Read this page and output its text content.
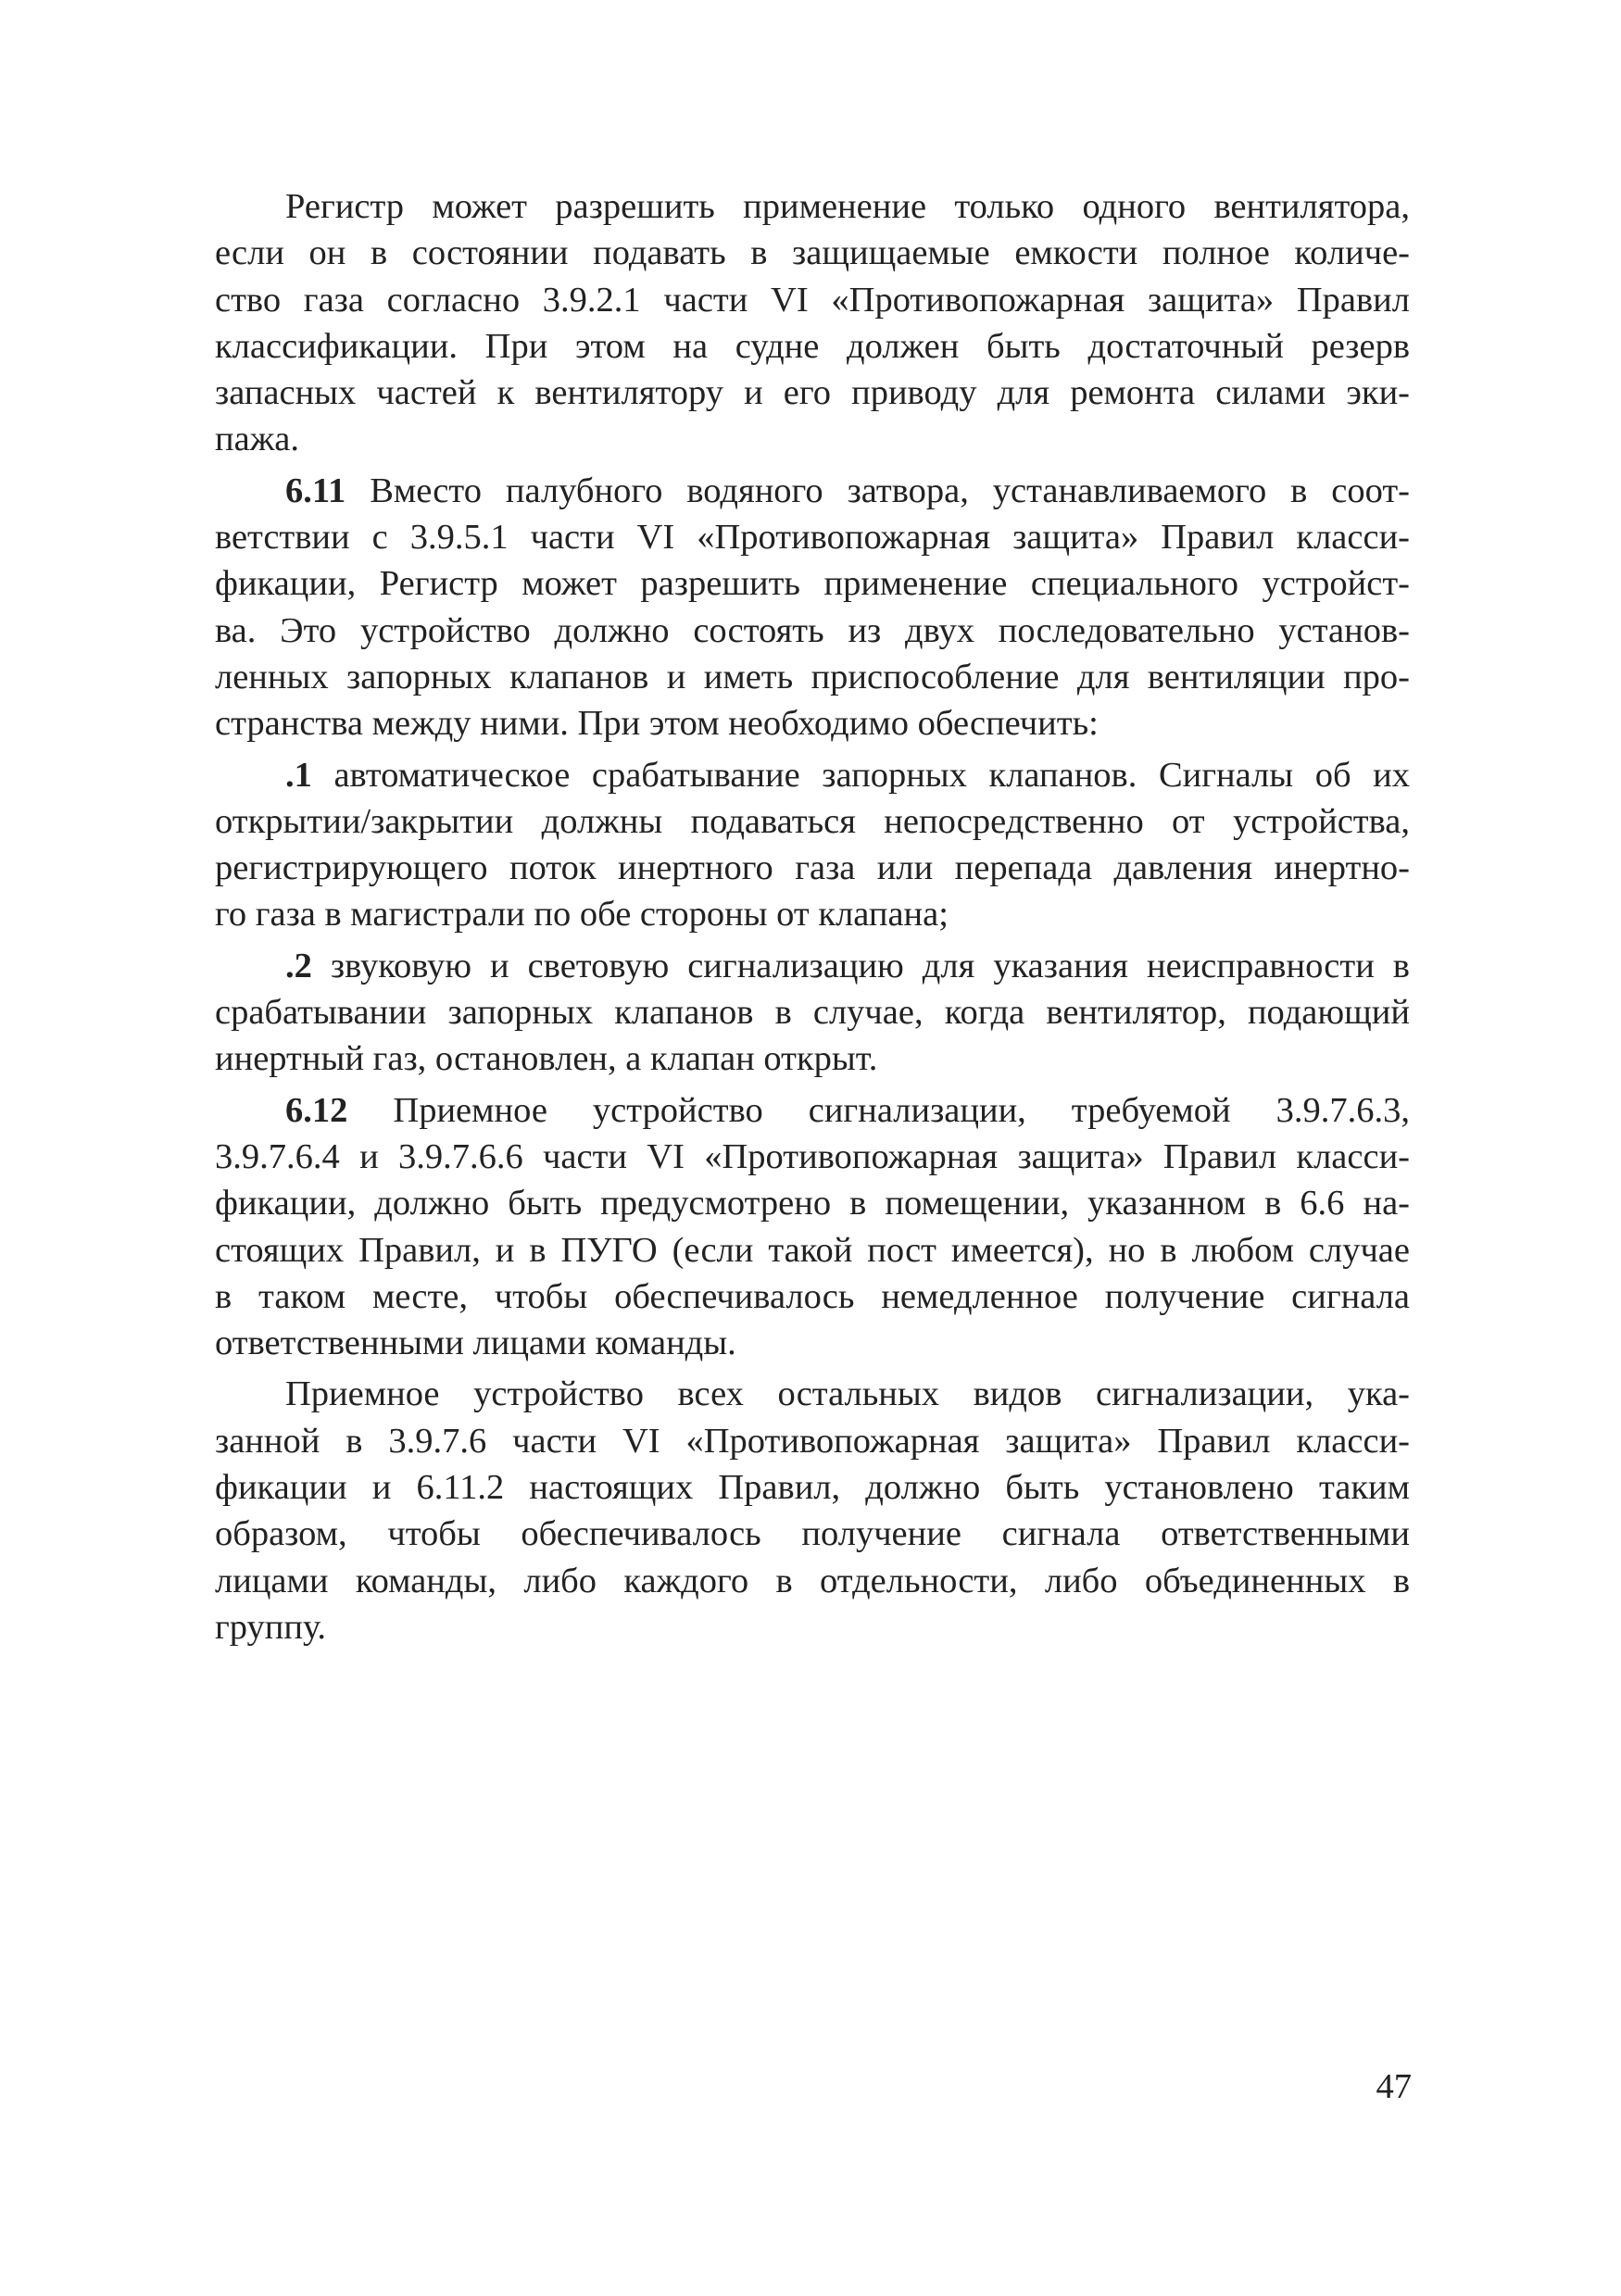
Регистр может разрешить применение только одного вентилятора,
если он в состоянии подавать в защищаемые емкости полное количе-
ство газа согласно 3.9.2.1 части VI «Противопожарная защита» Правил
классификации. При этом на судне должен быть достаточный резерв
запасных частей к вентилятору и его приводу для ремонта силами эки-
пажа.
6.11 Вместо палубного водяного затвора, устанавливаемого в соот-
ветствии с 3.9.5.1 части VI «Противопожарная защита» Правил класси-
фикации, Регистр может разрешить применение специального устройст-
ва. Это устройство должно состоять из двух последовательно установ-
ленных запорных клапанов и иметь приспособление для вентиляции про-
странства между ними. При этом необходимо обеспечить:
.1 автоматическое срабатывание запорных клапанов. Сигналы об их
открытии/закрытии должны подаваться непосредственно от устройства,
регистрирующего поток инертного газа или перепада давления инертно-
го газа в магистрали по обе стороны от клапана;
.2 звуковую и световую сигнализацию для указания неисправности в
срабатывании запорных клапанов в случае, когда вентилятор, подающий
инертный газ, остановлен, а клапан открыт.
6.12 Приемное устройство сигнализации, требуемой 3.9.7.6.3,
3.9.7.6.4 и 3.9.7.6.6 части VI «Противопожарная защита» Правил класси-
фикации, должно быть предусмотрено в помещении, указанном в 6.6 на-
стоящих Правил, и в ПУГО (если такой пост имеется), но в любом случае
в таком месте, чтобы обеспечивалось немедленное получение сигнала
ответственными лицами команды.
Приемное устройство всех остальных видов сигнализации, ука-
занной в 3.9.7.6 части VI «Противопожарная защита» Правил класси-
фикации и 6.11.2 настоящих Правил, должно быть установлено таким
образом, чтобы обеспечивалось получение сигнала ответственными
лицами команды, либо каждого в отдельности, либо объединенных в
группу.
47
